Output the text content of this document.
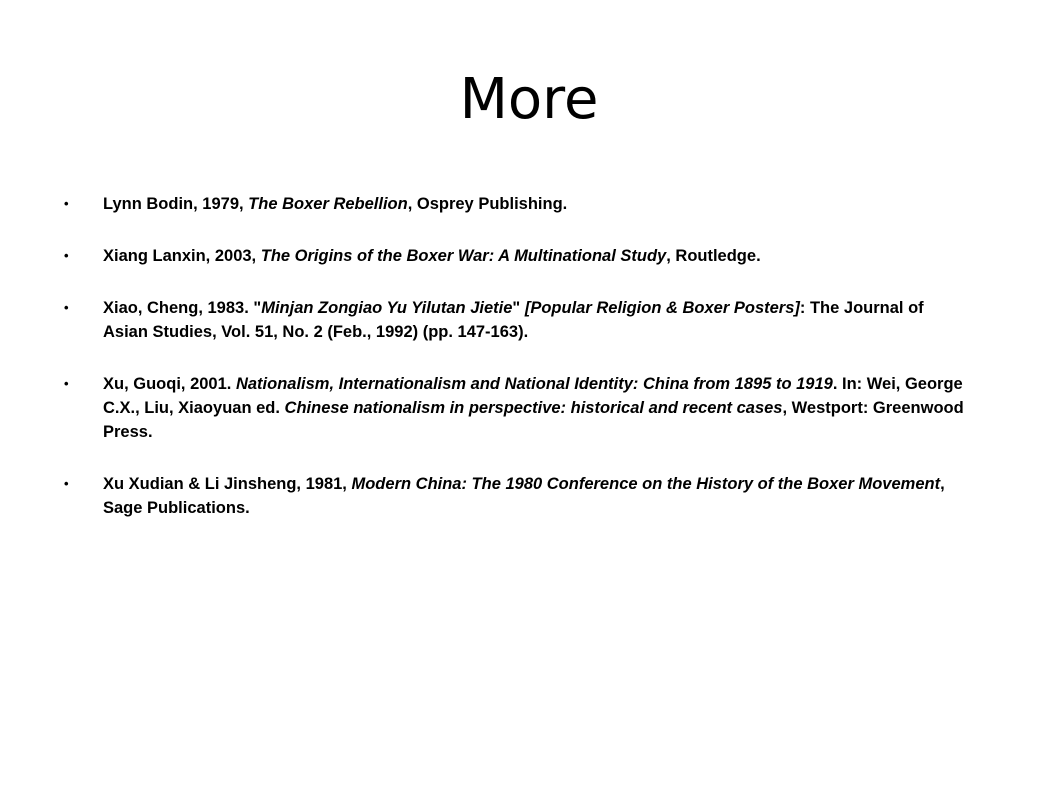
More
• Lynn Bodin, 1979, The Boxer Rebellion, Osprey Publishing.
• Xiang Lanxin, 2003, The Origins of the Boxer War: A Multinational Study, Routledge.
• Xiao, Cheng, 1983. "Minjan Zongiao Yu Yilutan Jietie" [Popular Religion & Boxer Posters]: The Journal of Asian Studies, Vol. 51, No. 2 (Feb., 1992) (pp. 147-163).
• Xu, Guoqi, 2001. Nationalism, Internationalism and National Identity: China from 1895 to 1919. In: Wei, George C.X., Liu, Xiaoyuan ed. Chinese nationalism in perspective: historical and recent cases, Westport: Greenwood Press.
• Xu Xudian & Li Jinsheng, 1981, Modern China: The 1980 Conference on the History of the Boxer Movement, Sage Publications.
